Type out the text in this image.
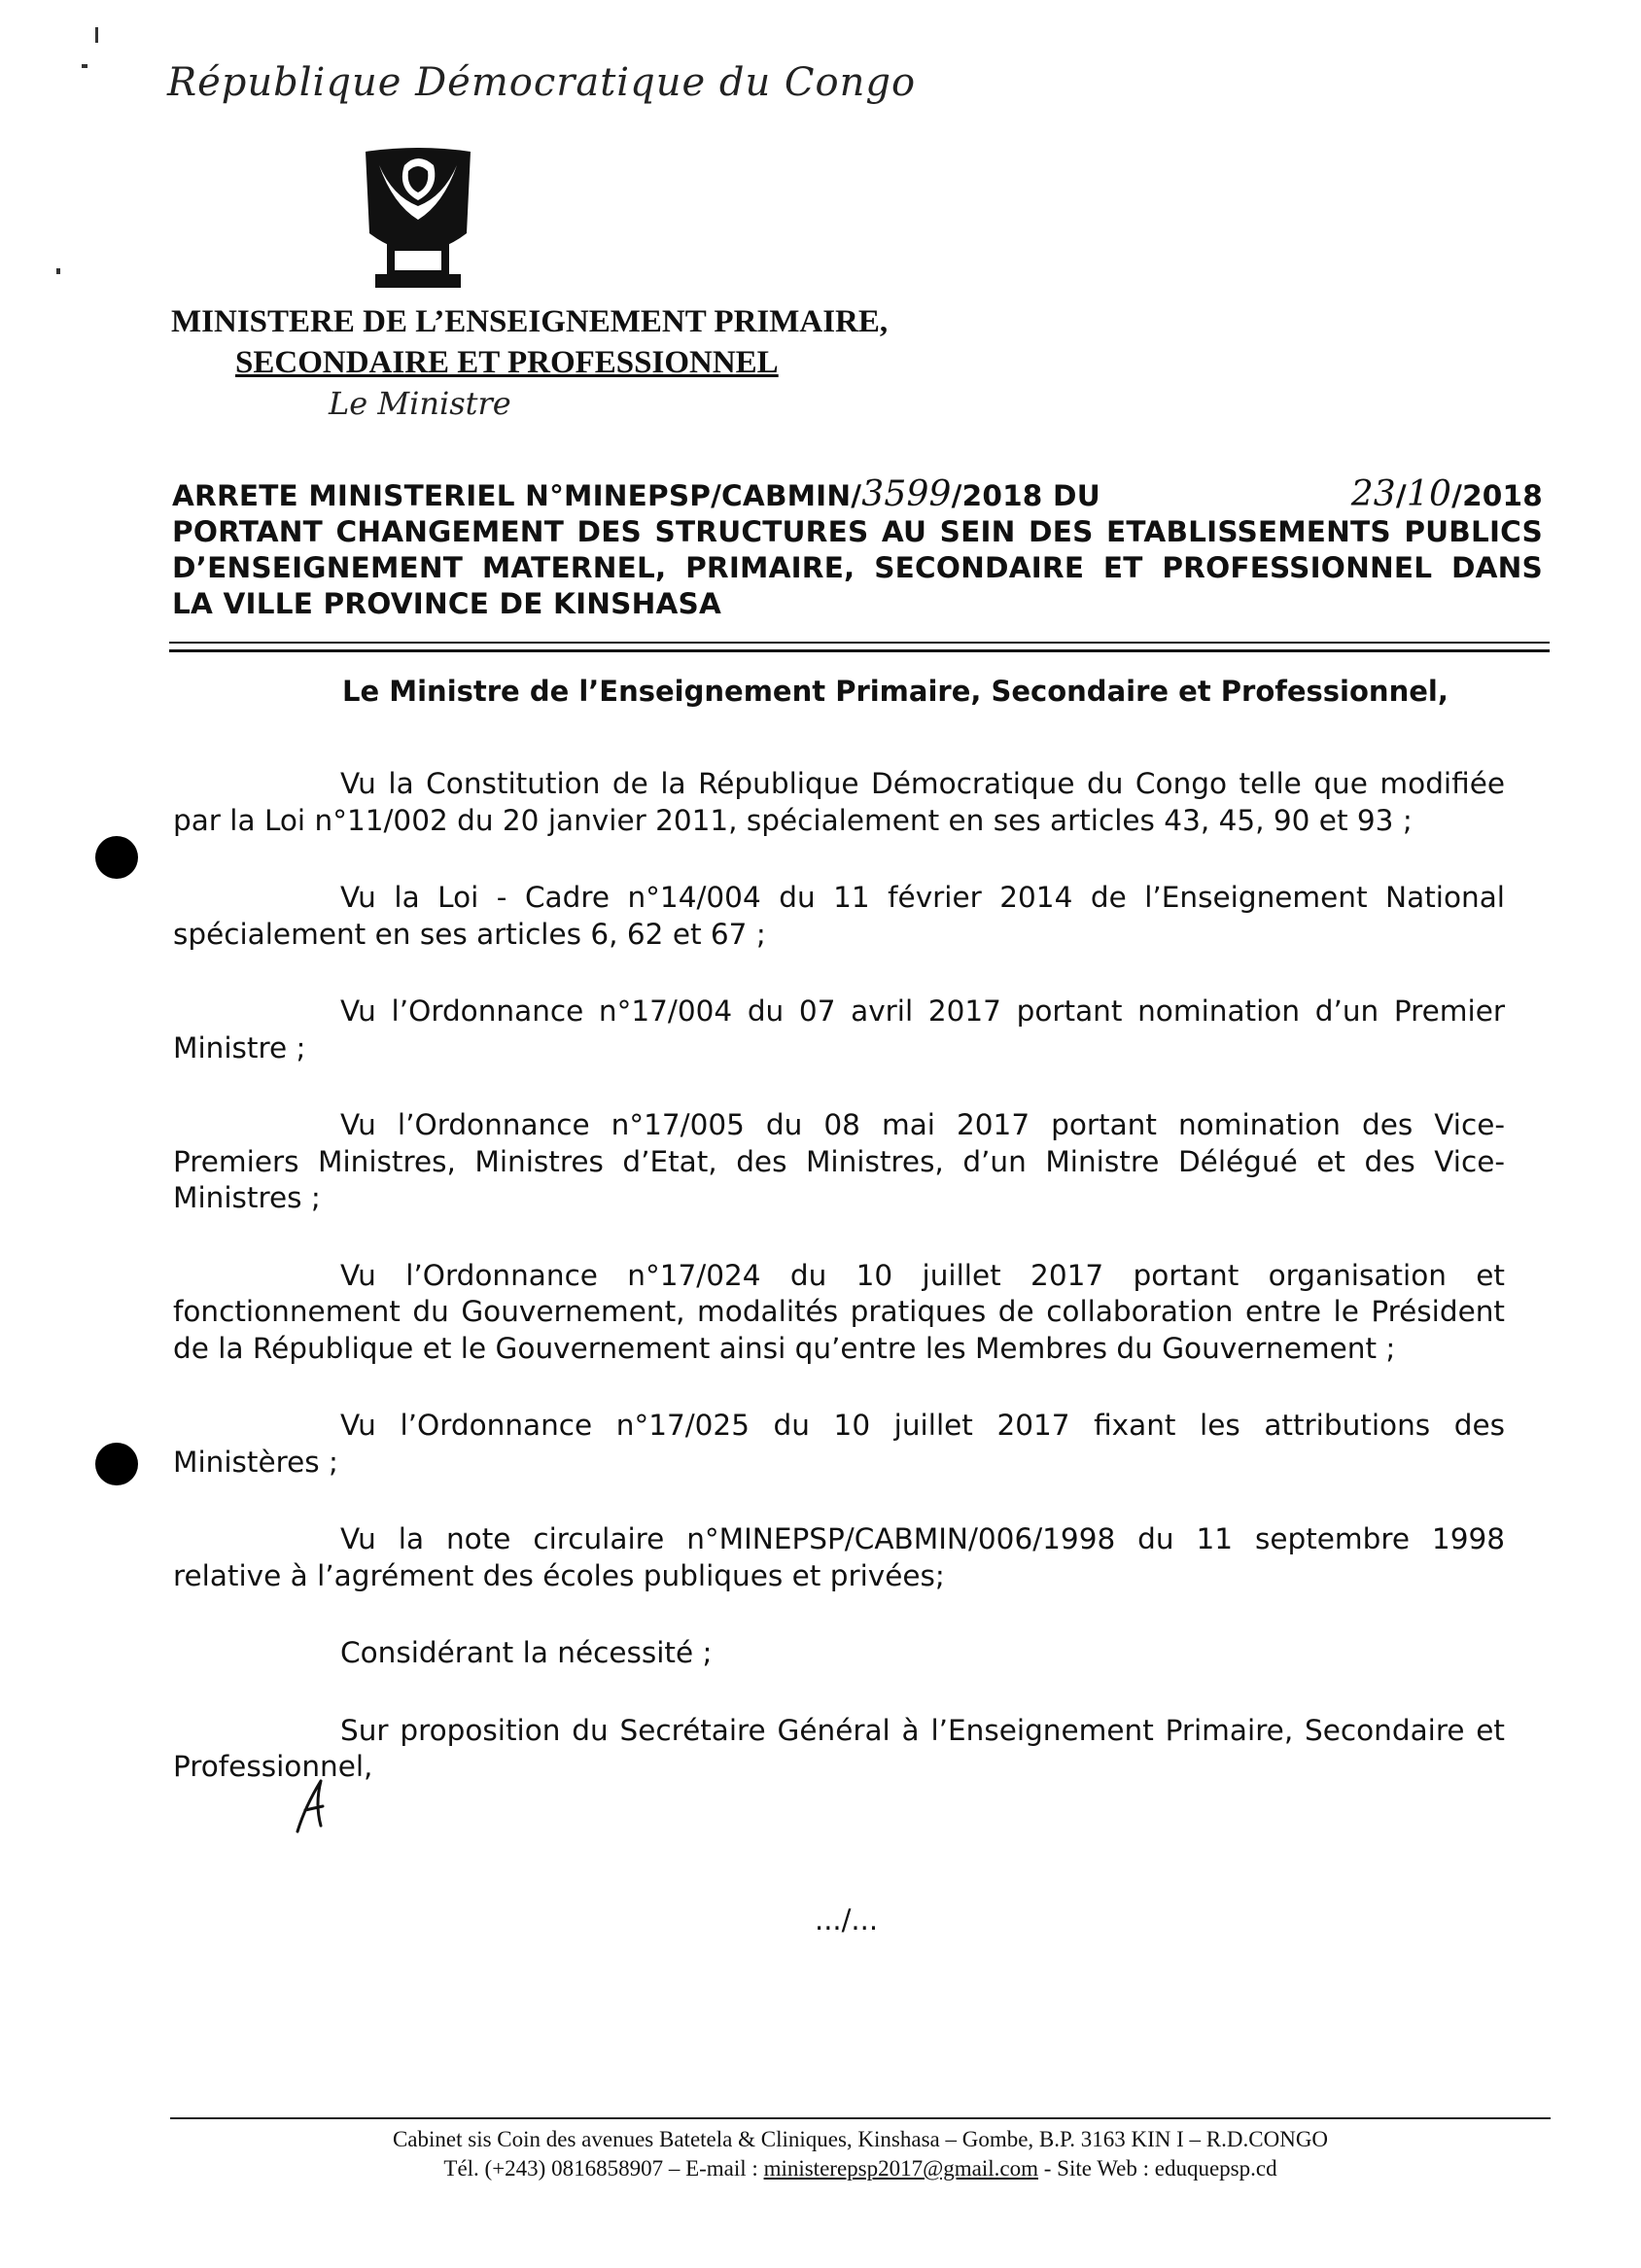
République Démocratique du Congo
MINISTERE DE L’ENSEIGNEMENT PRIMAIRE,
SECONDAIRE ET PROFESSIONNEL
Le Ministre
ARRETE MINISTERIEL N°MINEPSP/CABMIN/3599/2018 DU	23/10/2018
PORTANT CHANGEMENT DES STRUCTURES AU SEIN DES ETABLISSEMENTS PUBLICS
D’ENSEIGNEMENT MATERNEL, PRIMAIRE, SECONDAIRE ET PROFESSIONNEL DANS
LA VILLE PROVINCE DE KINSHASA
Le Ministre de l’Enseignement Primaire, Secondaire et Professionnel,

Vu la Constitution de la République Démocratique du Congo telle que modifiée par la Loi n°11/002 du 20 janvier 2011, spécialement en ses articles 43, 45, 90 et 93 ;

Vu la Loi - Cadre n°14/004 du 11 février 2014 de l’Enseignement National spécialement en ses articles 6, 62 et 67 ;

Vu l’Ordonnance n°17/004 du 07 avril 2017 portant nomination d’un Premier Ministre ;

Vu l’Ordonnance n°17/005 du 08 mai 2017 portant nomination des Vice-Premiers Ministres, Ministres d’Etat, des Ministres, d’un Ministre Délégué et des Vice-Ministres ;

Vu l’Ordonnance n°17/024 du 10 juillet 2017 portant organisation et fonctionnement du Gouvernement, modalités pratiques de collaboration entre le Président de la République et le Gouvernement ainsi qu’entre les Membres du Gouvernement ;

Vu l’Ordonnance n°17/025 du 10 juillet 2017 fixant les attributions des Ministères ;

Vu la note circulaire n°MINEPSP/CABMIN/006/1998 du 11 septembre 1998 relative à l’agrément des écoles publiques et privées;

Considérant la nécessité ;

Sur proposition du Secrétaire Général à l’Enseignement Primaire, Secondaire et Professionnel,

.../...
Cabinet sis Coin des avenues Batetela & Cliniques, Kinshasa – Gombe, B.P. 3163 KIN I – R.D.CONGO
Tél. (+243) 0816858907 – E-mail : ministerepsp2017@gmail.com - Site Web : eduquepsp.cd
